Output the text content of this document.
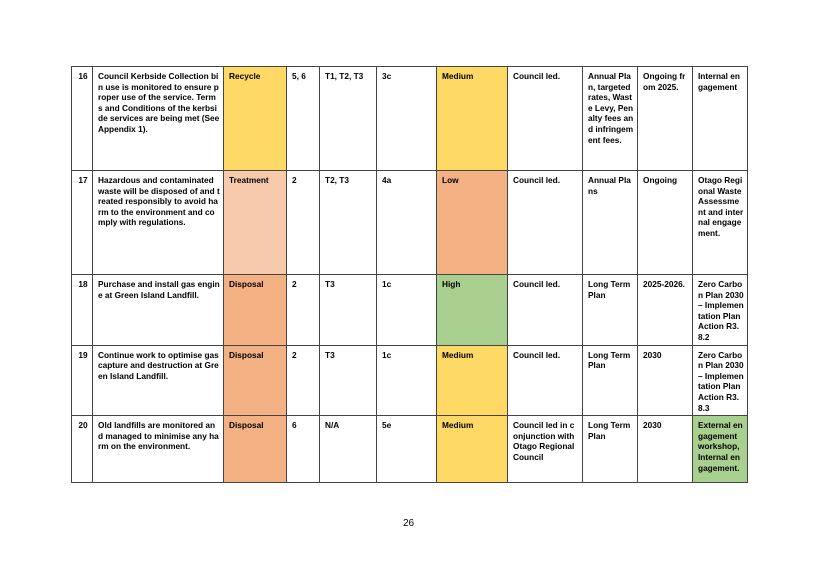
16	Council Kerbside Collection bin use is monitored to ensure proper use of the service. Terms and Conditions of the kerbside services are being met (See Appendix 1).	Recycle	5, 6	T1, T2, T3	3c	Medium	Council led.	Annual Plan, targeted rates, Waste Levy, Penalty fees and infringement fees.	Ongoing from 2025.	Internal engagement
17	Hazardous and contaminated waste will be disposed of and treated responsibly to avoid harm to the environment and comply with regulations.	Treatment	2	T2, T3	4a	Low	Council led.	Annual Plans	Ongoing	Otago Regional Waste Assessment and internal engagement.
18	Purchase and install gas engine at Green Island Landfill.	Disposal	2	T3	1c	High	Council led.	Long Term Plan	2025-2026.	Zero Carbon Plan 2030 – Implementation Plan Action R3.8.2
19	Continue work to optimise gas capture and destruction at Green Island Landfill.	Disposal	2	T3	1c	Medium	Council led.	Long Term Plan	2030	Zero Carbon Plan 2030 – Implementation Plan Action R3.8.3
20	Old landfills are monitored and managed to minimise any harm on the environment.	Disposal	6	N/A	5e	Medium	Council led in conjunction with Otago Regional Council	Long Term Plan	2030	External engagement workshop, Internal engagement.
26
